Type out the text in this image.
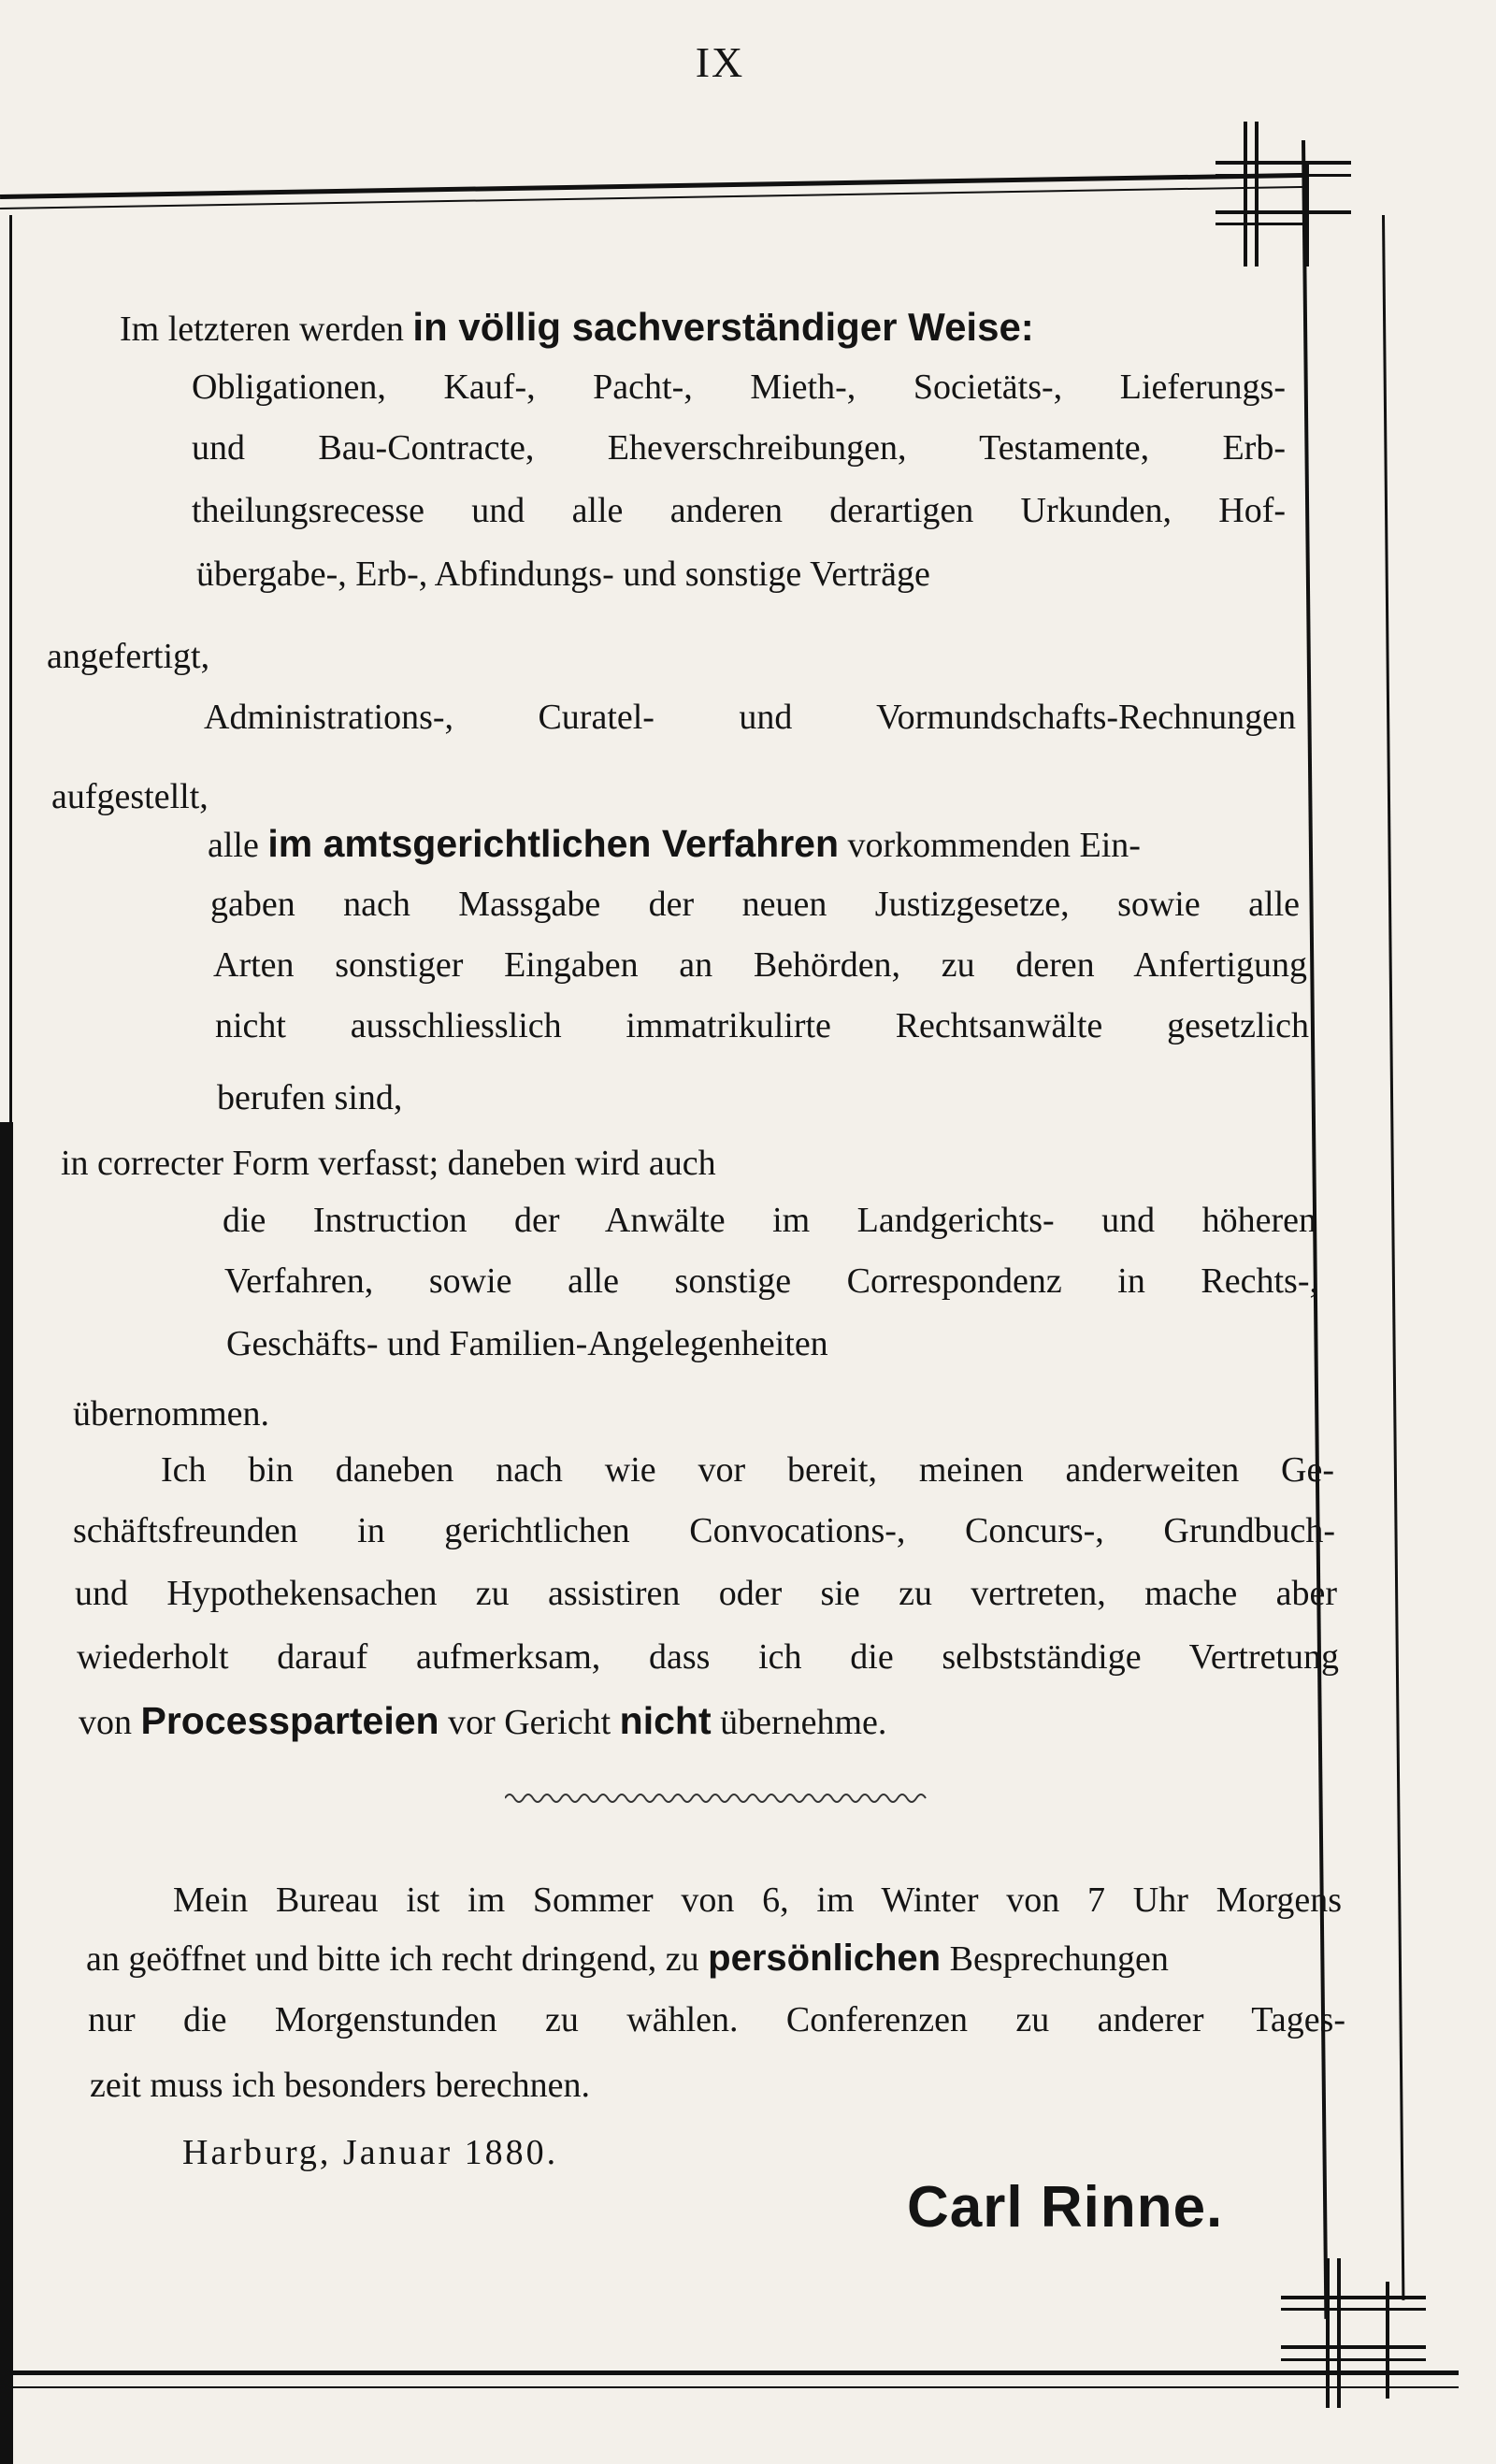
IX
Im letzteren werden in völlig sachverständiger Weise:
Obligationen, Kauf-, Pacht-, Mieth-, Societäts-, Lieferungs-
und Bau-Contracte, Eheverschreibungen, Testamente, Erb-
theilungsrecesse und alle anderen derartigen Urkunden, Hof-
übergabe-, Erb-, Abfindungs- und sonstige Verträge
angefertigt,
Administrations-, Curatel- und Vormundschafts-Rechnungen
aufgestellt,
alle im amtsgerichtlichen Verfahren vorkommenden Ein-
gaben nach Massgabe der neuen Justizgesetze, sowie alle
Arten sonstiger Eingaben an Behörden, zu deren Anfertigung
nicht ausschliesslich immatrikulirte Rechtsanwälte gesetzlich
berufen sind,
in correcter Form verfasst; daneben wird auch
die Instruction der Anwälte im Landgerichts- und höheren
Verfahren, sowie alle sonstige Correspondenz in Rechts-,
Geschäfts- und Familien-Angelegenheiten
übernommen.
Ich bin daneben nach wie vor bereit, meinen anderweiten Ge-
schäftsfreunden in gerichtlichen Convocations-, Concurs-, Grundbuch-
und Hypothekensachen zu assistiren oder sie zu vertreten, mache aber
wiederholt darauf aufmerksam, dass ich die selbstständige Vertretung
von Processparteien vor Gericht nicht übernehme.
Mein Bureau ist im Sommer von 6, im Winter von 7 Uhr Morgens
an geöffnet und bitte ich recht dringend, zu persönlichen Besprechungen
nur die Morgenstunden zu wählen. Conferenzen zu anderer Tages-
zeit muss ich besonders berechnen.
Harburg, Januar 1880.
Carl Rinne.
